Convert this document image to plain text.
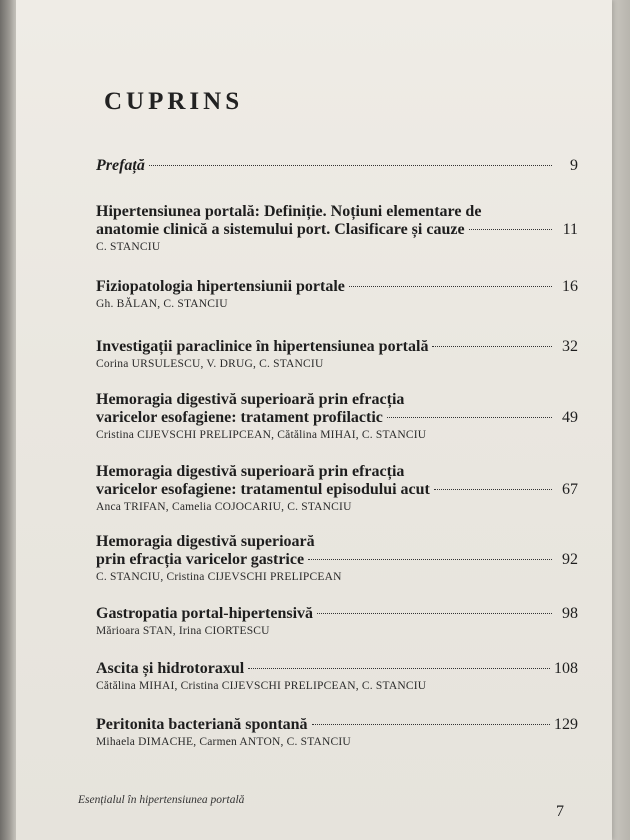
CUPRINS
Prefață	9
Hipertensiunea portală: Definiție. Noțiuni elementare de
anatomie clinică a sistemului port. Clasificare și cauze	11
C. STANCIU
Fiziopatologia hipertensiunii portale	16
Gh. BĂLAN, C. STANCIU
Investigații paraclinice în hipertensiunea portală	32
Corina URSULESCU, V. DRUG, C. STANCIU
Hemoragia digestivă superioară prin efracția
varicelor esofagiene: tratament profilactic	49
Cristina CIJEVSCHI PRELIPCEAN, Cătălina MIHAI, C. STANCIU
Hemoragia digestivă superioară prin efracția
varicelor esofagiene: tratamentul episodului acut	67
Anca TRIFAN, Camelia COJOCARIU, C. STANCIU
Hemoragia digestivă superioară
prin efracția varicelor gastrice	92
C. STANCIU, Cristina CIJEVSCHI PRELIPCEAN
Gastropatia portal-hipertensivă	98
Mărioara STAN, Irina CIORTESCU
Ascita și hidrotoraxul	108
Cătălina MIHAI, Cristina CIJEVSCHI PRELIPCEAN, C. STANCIU
Peritonita bacteriană spontană	129
Mihaela DIMACHE, Carmen ANTON, C. STANCIU
Esențialul în hipertensiunea portală
7
